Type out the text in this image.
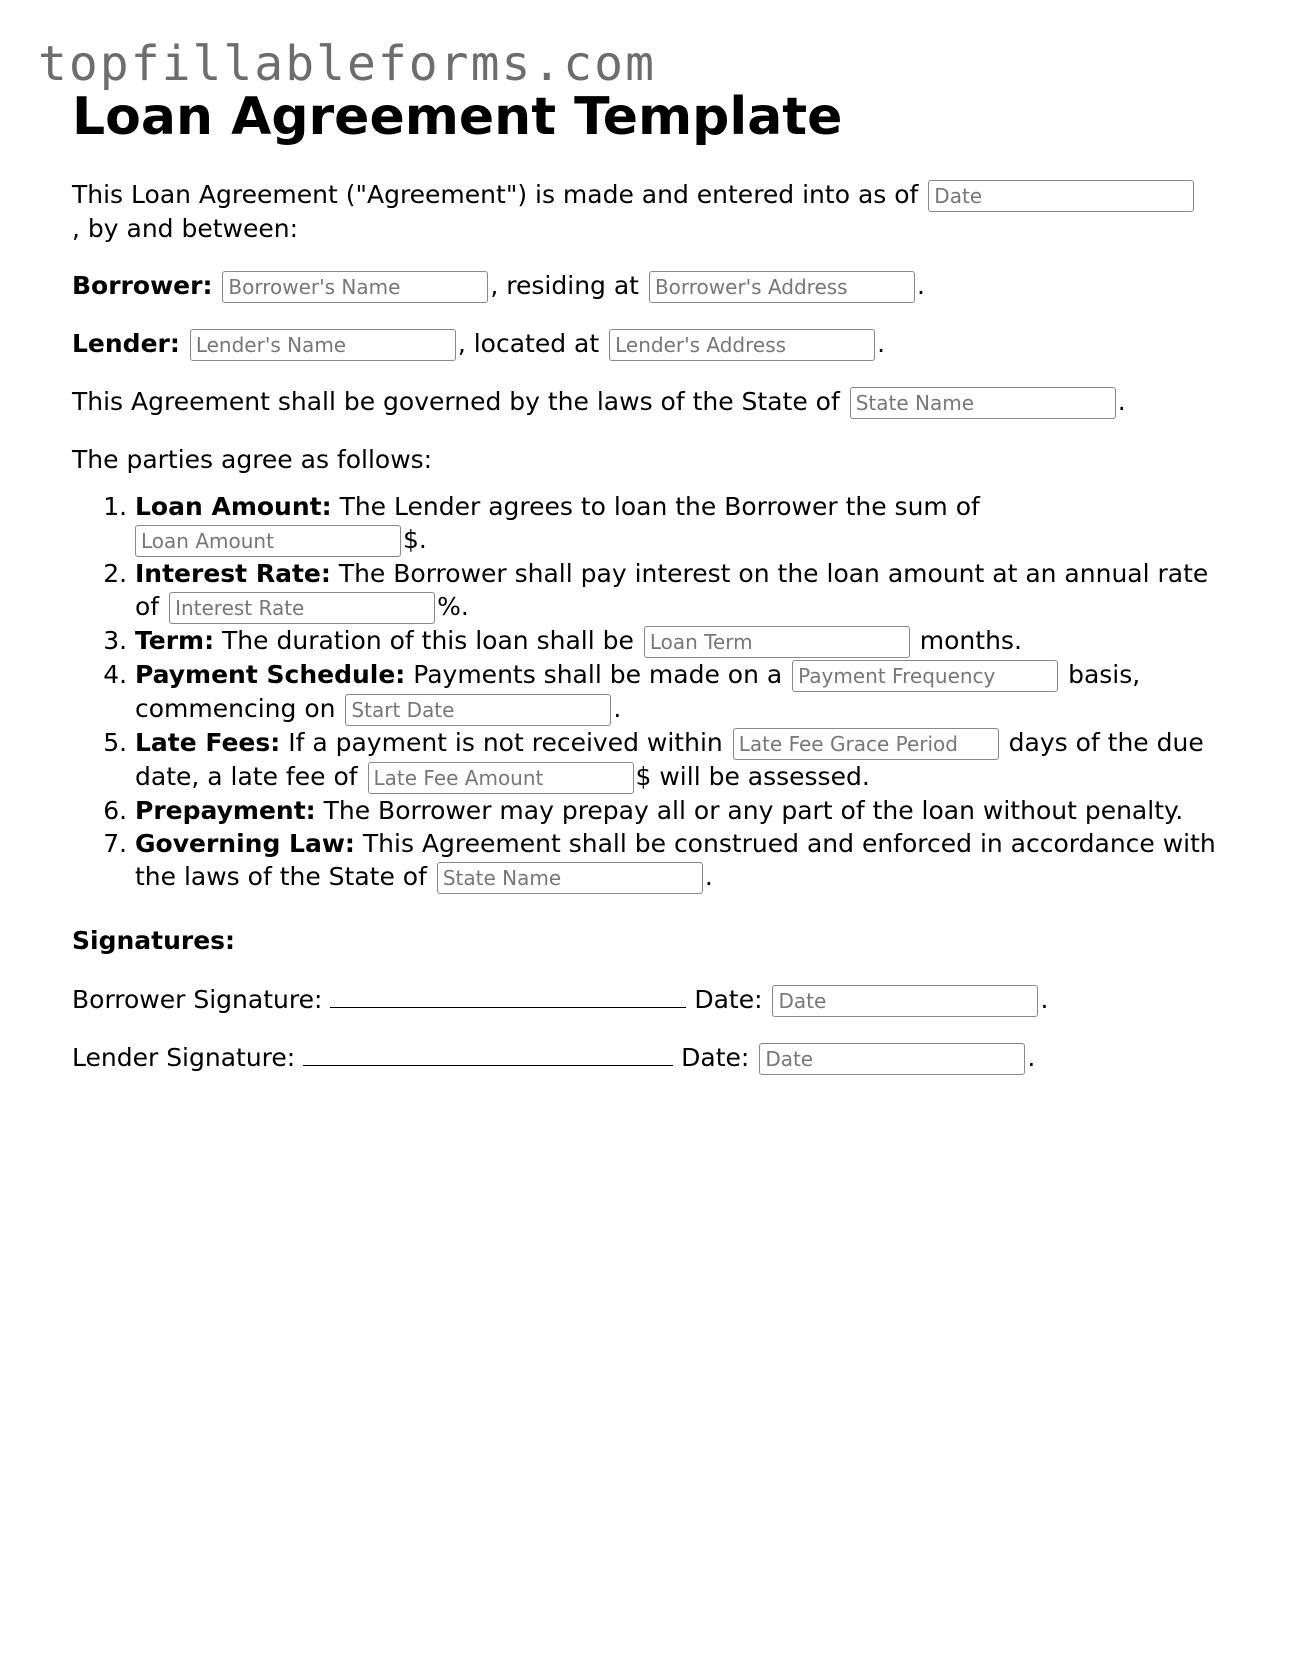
topfillableforms.com
Loan Agreement Template

This Loan Agreement ("Agreement") is made and entered into as of Date
, by and between:

Borrower: Borrower's Name	, residing at Borrower's Address	.

Lender: Lender's Name	, located at Lender's Address	.

This Agreement shall be governed by the laws of the State of State Name	.

The parties agree as follows:

1. Loan Amount: The Lender agrees to loan the Borrower the sum of
Loan Amount$.
2. Interest Rate: The Borrower shall pay interest on the loan amount at an annual rate of Interest Rate	%.
3. Term: The duration of this loan shall be Loan Term	months.
4. Payment Schedule: Payments shall be made on a Payment Frequency	basis, commencing on Start Date	.
5. Late Fees: If a payment is not received within Late Fee Grace Period	days of the due date, a late fee of Late Fee Amount	$ will be assessed.
6. Prepayment: The Borrower may prepay all or any part of the loan without penalty.
7. Governing Law: This Agreement shall be construed and enforced in accordance with the laws of the State of State Name	.

Signatures:

Borrower Signature:	Date: Date	.

Lender Signature:	Date: Date	.
